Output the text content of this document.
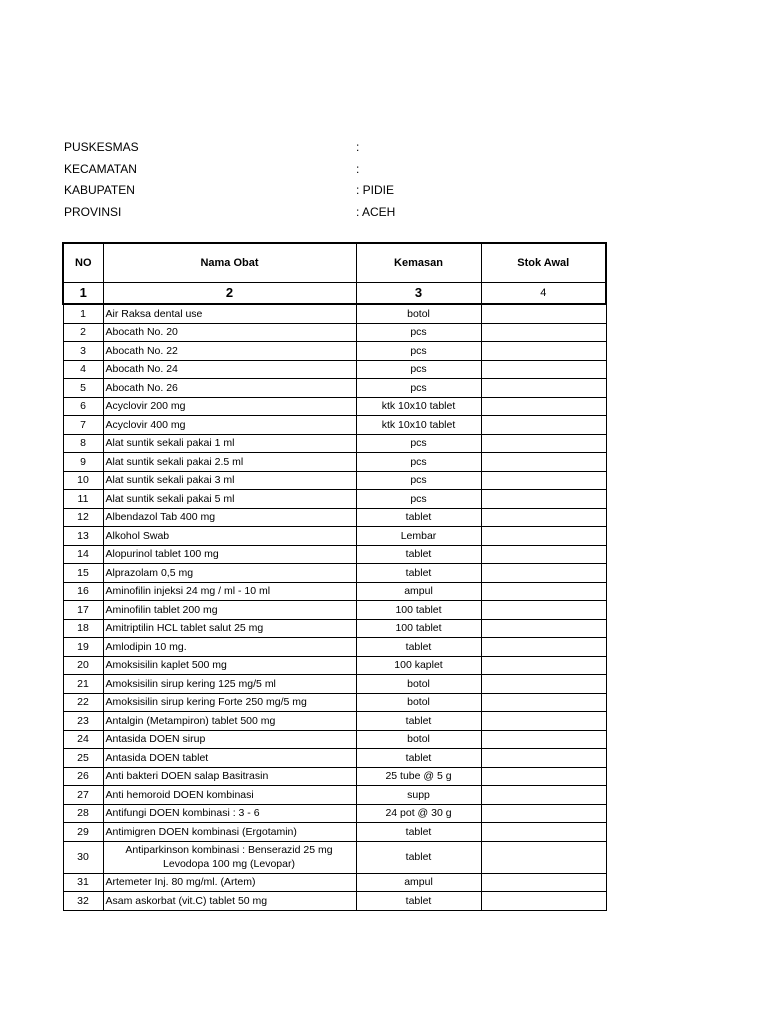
PUSKESMAS	:
KECAMATAN	:
KABUPATEN	: PIDIE
PROVINSI	: ACEH
NO	Nama Obat	Kemasan	Stok Awal
1	2	3	4
1	Air Raksa dental use	botol	
2	Abocath No. 20	pcs	
3	Abocath No. 22	pcs	
4	Abocath No. 24	pcs	
5	Abocath No. 26	pcs	
6	Acyclovir 200 mg	ktk 10x10 tablet	
7	Acyclovir 400 mg	ktk 10x10 tablet	
8	Alat suntik sekali pakai 1 ml	pcs	
9	Alat suntik sekali pakai 2.5 ml	pcs	
10	Alat suntik sekali pakai 3 ml	pcs	
11	Alat suntik sekali pakai 5 ml	pcs	
12	Albendazol Tab 400 mg	tablet	
13	Alkohol Swab	Lembar	
14	Alopurinol tablet 100 mg	tablet	
15	Alprazolam 0,5 mg	tablet	
16	Aminofilin injeksi 24 mg / ml - 10 ml	ampul	
17	Aminofilin tablet 200 mg	100 tablet	
18	Amitriptilin HCL tablet salut 25 mg	100 tablet	
19	Amlodipin 10 mg.	tablet	
20	Amoksisilin kaplet 500 mg	100 kaplet	
21	Amoksisilin sirup kering 125 mg/5 ml	botol	
22	Amoksisilin sirup kering Forte 250 mg/5 mg	botol	
23	Antalgin (Metampiron) tablet 500 mg	tablet	
24	Antasida DOEN sirup	botol	
25	Antasida DOEN tablet	tablet	
26	Anti bakteri DOEN salap Basitrasin	25 tube @ 5 g	
27	Anti hemoroid DOEN kombinasi	supp	
28	Antifungi DOEN kombinasi : 3 - 6	24 pot @ 30 g	
29	Antimigren DOEN kombinasi (Ergotamin)	tablet	
30	Antiparkinson kombinasi : Benserazid 25 mg
Levodopa 100 mg (Levopar)	tablet	
31	Artemeter Inj. 80 mg/ml. (Artem)	ampul	
32	Asam askorbat (vit.C) tablet 50 mg	tablet	
